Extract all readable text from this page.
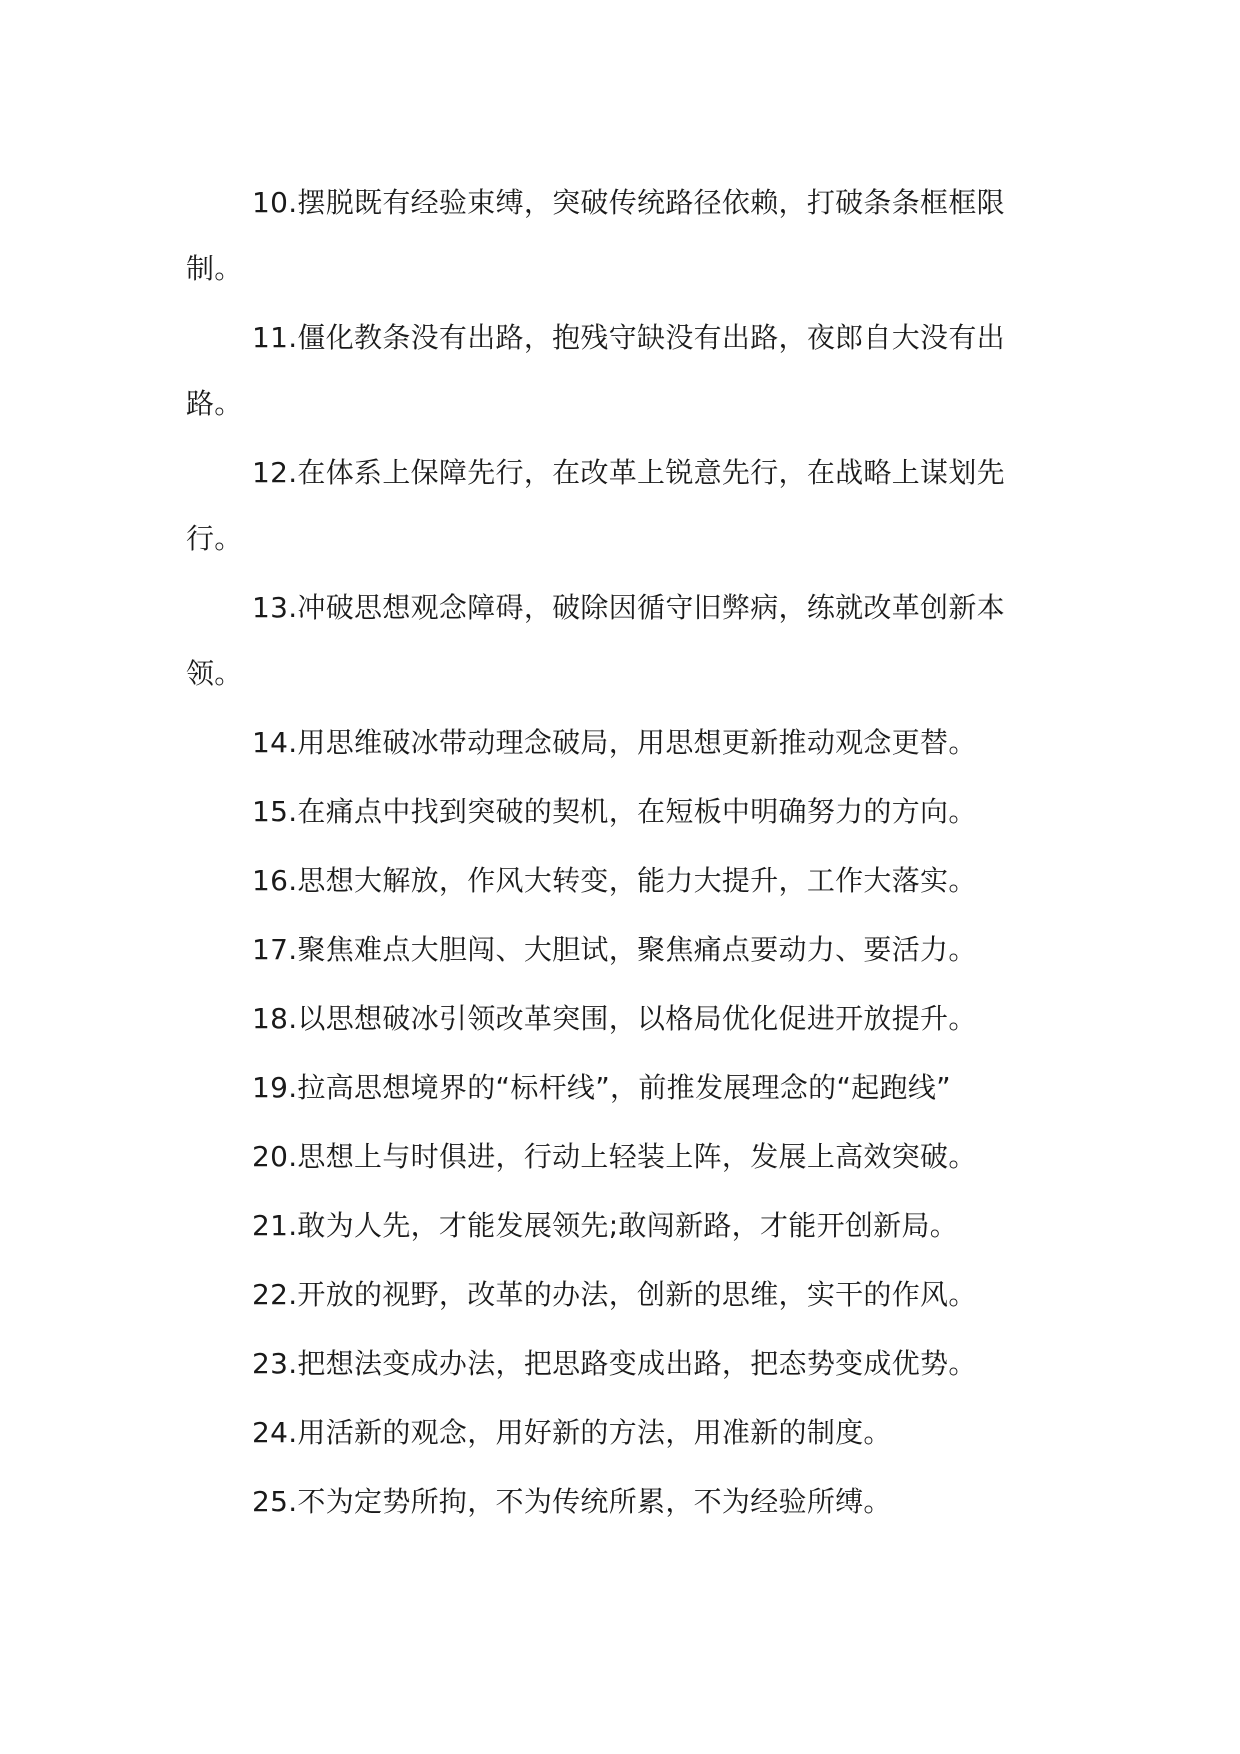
10.摆脱既有经验束缚，突破传统路径依赖，打破条条框框限制。

11.僵化教条没有出路，抱残守缺没有出路，夜郎自大没有出路。

12.在体系上保障先行，在改革上锐意先行，在战略上谋划先行。

13.冲破思想观念障碍，破除因循守旧弊病，练就改革创新本领。

14.用思维破冰带动理念破局，用思想更新推动观念更替。

15.在痛点中找到突破的契机，在短板中明确努力的方向。

16.思想大解放，作风大转变，能力大提升，工作大落实。

17.聚焦难点大胆闯、大胆试，聚焦痛点要动力、要活力。

18.以思想破冰引领改革突围，以格局优化促进开放提升。

19.拉高思想境界的“标杆线”，前推发展理念的“起跑线”

20.思想上与时俱进，行动上轻装上阵，发展上高效突破。

21.敢为人先，才能发展领先;敢闯新路，才能开创新局。

22.开放的视野，改革的办法，创新的思维，实干的作风。

23.把想法变成办法，把思路变成出路，把态势变成优势。

24.用活新的观念，用好新的方法，用准新的制度。

25.不为定势所拘，不为传统所累，不为经验所缚。
